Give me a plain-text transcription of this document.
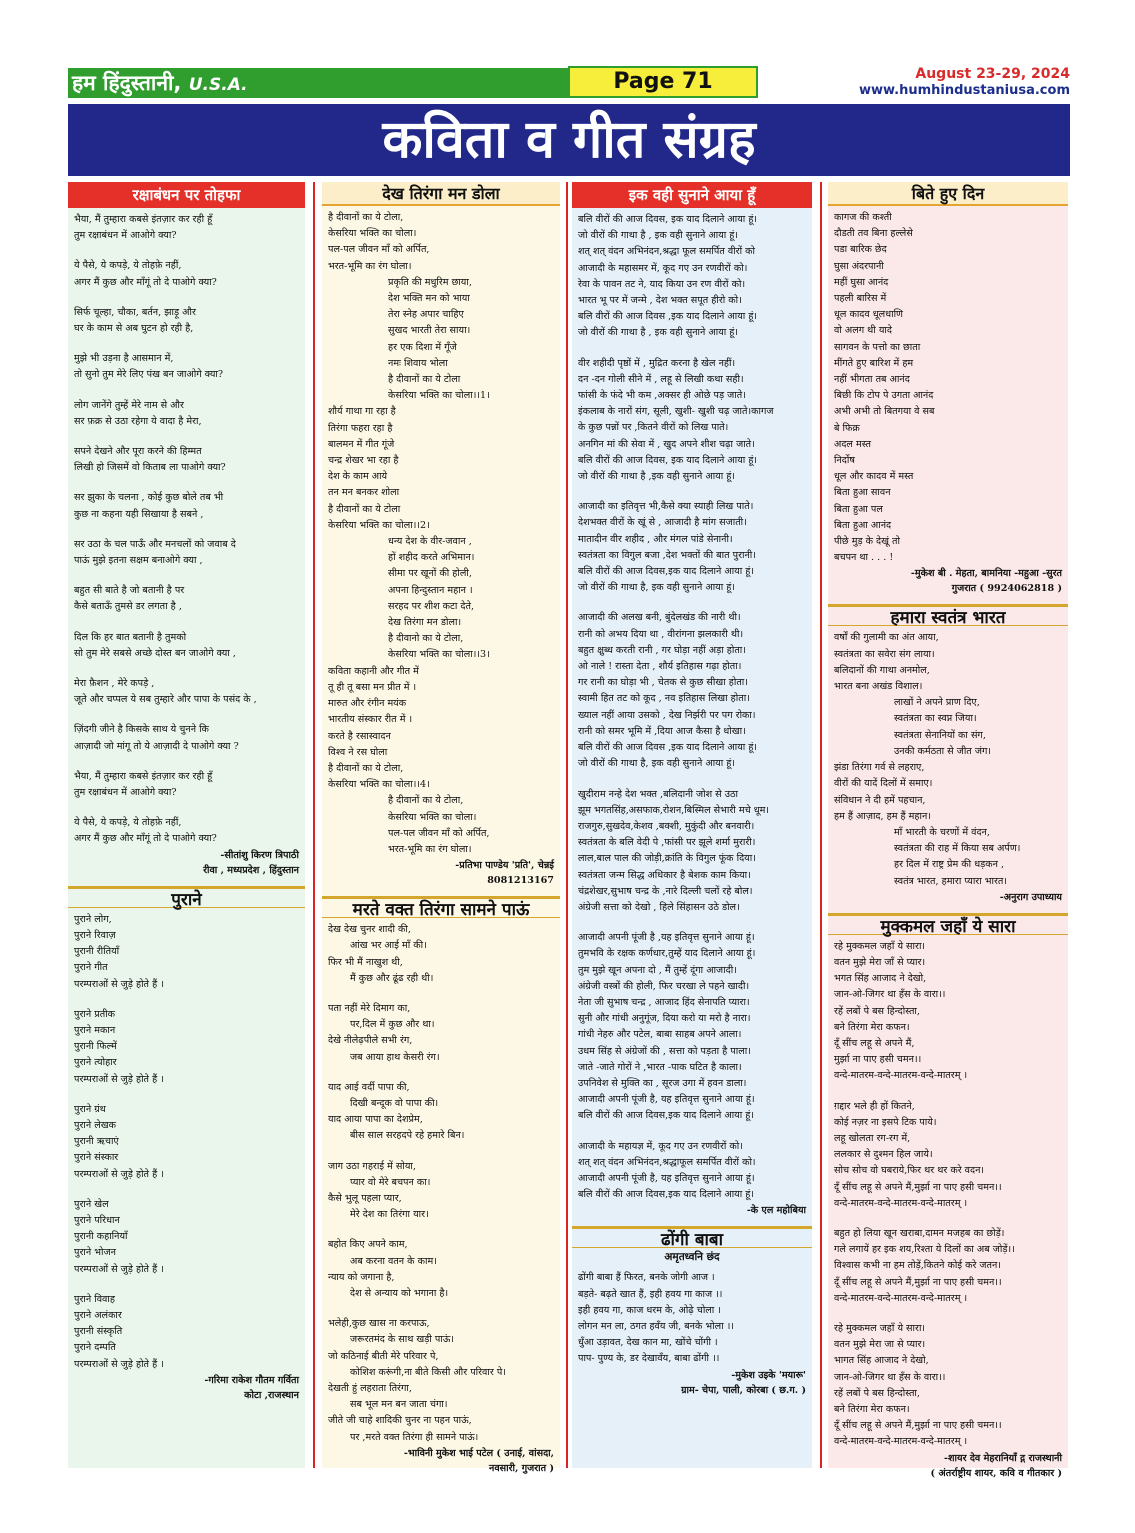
हम हिंदुस्तानी, U.S.A.	Page 71	August 23-29, 2024
www.humhindustaniusa.com
कविता व गीत संग्रह
रक्षाबंधन पर तोहफा
भैया, मैं तुम्हारा कबसे इंतज़ार कर रही हूँ
तुम रक्षाबंधन में आओगे क्या?
ये पैसे, ये कपड़े, ये तोहफ़े नहीं,
अगर मैं कुछ और माँगूं तो दे पाओगे क्या?
सिर्फ चूल्हा, चौका, बर्तन, झाड़ू और
घर के काम से अब घुटन हो रही है,
मुझे भी उड़ना है आसमान में,
तो सुनो तुम मेरे लिए पंख बन जाओगे क्या?
लोग जानेंगे तुम्हें मेरे नाम से और
सर फ़क्र से उठा रहेगा ये वादा है मेरा,
सपने देखने और पूरा करने की हिम्मत
लिखी हो जिसमें वो किताब ला पाओगे क्या?
सर झुका के चलना , कोई कुछ बोले तब भी
कुछ ना कहना यही सिखाया है सबने ,
सर उठा के चल पाऊँ और मनचलों को जवाब दे
पाऊं मुझे इतना सक्षम बनाओगे क्या ,
बहुत सी बाते है जो बतानी है पर
कैसे बताऊँ तुमसे डर लगता है ,
दिल कि हर बात बतानी है तुमको
सो तुम मेरे सबसे अच्छे दोस्त बन जाओगे क्या ,
मेरा फ़ैशन , मेरे कपड़े ,
जूते और चप्पल ये सब तुम्हारे और पापा के पसंद के ,
ज़िंदगी जीने है किसके साथ ये चुनने कि
आज़ादी जो मांगू तो ये आज़ादी दे पाओगे क्या ?
भैया, मैं तुम्हारा कबसे इंतज़ार कर रही हूँ
तुम रक्षाबंधन में आओगे क्या?
ये पैसे, ये कपड़े, ये तोहफ़े नहीं,
अगर मैं कुछ और माँगूं तो दे पाओगे क्या?
-सीतांशु किरण त्रिपाठी
रीवा , मध्यप्रदेश , हिंदुस्तान
पुराने
पुराने लोग,
पुराने रिवाज़
पुरानी रीतियाँ
पुराने गीत
परम्पराओं से जुड़े होते हैं ।
पुराने प्रतीक
पुराने मकान
पुरानी फिल्में
पुराने त्योहार
परम्पराओं से जुड़े होते हैं ।
पुराने ग्रंथ
पुराने लेखक
पुरानी ऋचाएं
पुराने संस्कार
परम्पराओं से जुड़े होते हैं ।
पुराने खेल
पुराने परिधान
पुरानी कहानियाँ
पुराने भोजन
परम्पराओं से जुड़े होते हैं ।
पुराने विवाह
पुराने अलंकार
पुरानी संस्कृति
पुराने दम्पति
परम्पराओं से जुड़े होते हैं ।
-गरिमा राकेश गौतम गर्विता
कोटा ,राजस्थान
देख तिरंगा मन डोला
है दीवानों का ये टोला,
केसरिया भक्ति का चोला।
पल-पल जीवन माँ को अर्पित,
भरत-भूमि का रंग घोला।
प्रकृति की मधुरिम छाया,
देश भक्ति मन को भाया
तेरा स्नेह अपार चाहिए
सुखद भारती तेरा साया।
हर एक दिशा में गूँजे
नमः शिवाय भोला
है दीवानों का ये टोला
केसरिया भक्ति का चोला।।1।
शौर्य गाथा गा रहा है
तिरंगा फहरा रहा है
बालमन में गीत गूंजे
चन्द्र शेखर भा रहा है
देश के काम आये
तन मन बनकर शोला
है दीवानों का ये टोला
केसरिया भक्ति का चोला।।2।
धन्य देश के वीर-जवान ,
हों शहीद करते अभिमान।
सीमा पर खूनों की होली,
अपना हिन्दुस्तान महान ।
सरहद पर शीश कटा देते,
देख तिरंगा मन डोला।
है दीवानो का ये टोला,
केसरिया भक्ति का चोला।।3।
कविता कहानी और गीत में
तू ही तू बसा मन प्रीत में ।
मारुत और रंगीन मयंक
भारतीय संस्कार रीत में ।
करते है रसास्वादन
विश्व ने रस घोला
है दीवानों का ये टोला,
केसरिया भक्ति का चोला।।4।
है दीवानों का ये टोला,
केसरिया भक्ति का चोला।
पल-पल जीवन माँ को अर्पित,
भरत-भूमि का रंग घोला।
-प्रतिभा पाण्डेय 'प्रति', चेन्नई
8081213167
मरते वक्त तिरंगा सामने पाऊं
देख देख चुनर शादी की,
आंख भर आई माँ की।
फिर भी मैं नाखुश थी,
मैं कुछ और ढूंढ रही थी।
पता नहीं मेरे दिमाग का,
पर,दिल में कुछ और था।
देखे नीलेढ़पीले सभी रंग,
जब आया हाथ केसरी रंग।
याद आई वर्दी पापा की,
दिखी बन्दूक वो पापा की।
याद आया पापा का देशप्रेम,
बीस साल सरहदपे रहे हमारे बिन।
जाग उठा गहराई में सोया,
प्यार वो मेरे बचपन का।
कैसे भुलू पहला प्यार,
मेरे देश का तिरंगा यार।
बहोत किए अपने काम,
अब करना वतन के काम।
न्याय को जगाना है,
देश से अन्याय को भगाना है।
भलेही,कुछ खास ना करपाऊ,
जरूरतमंद के साथ खड़ी पाऊं।
जो कठिनाई बीती मेरे परिवार पे,
कोशिश करूंगी,ना बीते किसी और परिवार पे।
देखती हुं लहराता तिरंगा,
सब भूल मन बन जाता चंगा।
जीते जी चाहे शादिकी चुनर ना पहन पाऊं,
पर ,मरते वक्त तिरंगा ही सामने पाऊं।
-भाविनी मुकेश भाई पटेल ( उनाई, वांसदा,
नवसारी, गुजरात )
इक वही सुनाने आया हूँ
बलि वीरों की आज दिवस, इक याद दिलाने आया हूं।
जो वीरों की गाथा है , इक वही सुनाने आया हूं।
शत् शत् वंदन अभिनंदन,श्रद्धा फूल समर्पित वीरों को
आजादी के महासमर में, कूद गए उन रणवीरों को।
रेवा के पावन तट ने, याद किया उन रण वीरों को।
भारत भू पर में जन्मे , देश भक्त सपूत हीरो को।
बलि वीरों की आज दिवस ,इक याद दिलाने आया हूं।
जो वीरों की गाथा है , इक वही सुनाने आया हूं।
वीर शहीदी पृष्ठों में , मुद्रित करना है खेल नहीं।
दन -दन गोली सीने में , लहू से लिखी कथा सही।
फांसी के फंदे भी कम ,अक्सर ही ओछे पड़ जाते।
इंकलाब के नारों संग, सूली, खुशी- खुशी चढ़ जाते।कागज
के कुछ पन्नों पर ,कितने वीरों को लिख पाते।
अनगिन मां की सेवा में , खुद अपने शीश चढ़ा जाते।
बलि वीरों की आज दिवस, इक याद दिलाने आया हूं।
जो वीरों की गाथा है ,इक वही सुनाने आया हूं।
आजादी का इतिवृत्त भी,कैसे क्या स्याही लिख पाते।
देशभक्त वीरों के खूं से , आजादी है मांग सजाती।
मातादीन वीर शहीद , और मंगल पांडे सेनानी।
स्वतंत्रता का विगुल बजा ,देश भक्तों की बात पुरानी।
बलि वीरों की आज दिवस,इक याद दिलाने आया हूं।
जो वीरों की गाथा है, इक वही सुनाने आया हूं।
आजादी की अलख बनी, बुंदेलखंड की नारी थी।
रानी को अभय दिया था , वीरांगना झलकारी थी।
बहुत क्षुब्ध करती रानी , गर घोड़ा नहीं अड़ा होता।
ओ नाले ! रास्ता देता , शौर्य इतिहास गढ़ा होता।
गर रानी का घोड़ा भी , चेतक से कुछ सीखा होता।
स्वामी हित तट को कूद , नव इतिहास लिखा होता।
ख्याल नहीं आया उसको , देख निर्झरी पर पग रोका।
रानी को समर भूमि में ,दिया आज कैसा है धोखा।
बलि वीरों की आज दिवस ,इक याद दिलाने आया हूं।
जो वीरों की गाथा है, इक वही सुनाने आया हूं।
खुदीराम नन्हे देश भक्त ,बलिदानी जोश से उठा
झूम भगतसिंह,असफाक,रोशन,बिस्मिल सेभारी मचे धूम।
राजगुरु,सुखदेव,केशव ,बक्शी, मुकुंदी और बनवारी।
स्वतंत्रता के बलि वेदी पे ,फांसी पर झूले शर्मा मुरारी।
लाल,बाल पाल की जोड़ी,क्रांति के विगुल फूंक दिया।
स्वतंत्रता जन्म सिद्ध अधिकार है बेशक काम किया।
चंद्रशेखर,सुभाष चन्द्र के ,नारे दिल्ली चलों रहे बोल।
अंग्रेजी सत्ता को देखो , हिले सिंहासन उठे डोल।
आजादी अपनी पूंजी है ,यह इतिवृत्त सुनाने आया हूं।
तुमभवि के रक्षक कर्णधार,तुम्हें याद दिलाने आया हूं।
तुम मुझे खून अपना दो , मैं तुम्हें दूंगा आजादी।
अंग्रेजी वस्त्रों की होली, फिर चरखा ले पहने खादी।
नेता जी सुभाष चन्द्र , आजाद हिंद सेनापति प्यारा।
सुनी और गांधी अनुगूंज, दिया करो या मरो है नारा।
गांधी नेहरु और पटेल, बाबा साहब अपने आला।
उधम सिंह से अंग्रेजों की , सत्ता को पड़ता है पाला।
जाते -जाते गोरों ने ,भारत -पाक घटित है काला।
उपनिवेश से मुक्ति का , सूरज उगा में हवन डाला।
आजादी अपनी पूंजी है, यह इतिवृत्त सुनाने आया हूं।
बलि वीरों की आज दिवस,इक याद दिलाने आया हूं।
आजादी के महायज्ञ में, कूद गए उन रणवीरों को।
शत् शत् वंदन अभिनंदन,श्रद्धाफूल समर्पित वीरों को।
आजादी अपनी पूंजी है, यह इतिवृत्त सुनाने आया हूं।
बलि वीरों की आज दिवस,इक याद दिलाने आया हूं।
-के एल महोबिया
ढोंगी बाबा
अमृतध्वनि छंद
ढोंगी बाबा हैं फिरत, बनके जोगी आज ।
बड़ते- बढ़ते खात हैं, इही हवय गा काज ।।
इही हवय गा, काज धरम के, ओढ़े चोला ।
लोगन मन ला, ठगत हवँय जी, बनके भोला ।।
धुँआ उड़ावत, देख कान मा, खोंचे चोंगी ।
पाप- पुण्य के, डर देखावँय, बाबा ढोंगी ।।
-मुकेश उइके 'मयारू'
ग्राम- चेपा, पाली, कोरबा ( छ.ग. )
बिते हुए दिन
कागज की कश्ती
दौडती तव बिना हल्लेसे
पडा बारिक छेद
घुसा अंदरपानी
महीं घुसा आनंद
पहली बारिस में
धूल कादव धूलधाणि
वो अलग थी यादे
सागवन के पत्तो का छाता
मींगते हुए बारिश में हम
नहीं भीगता तब आनंद
बिछी कि टोप पे उगता आनंद
अभी अभी तो बितगया वे सब
बे फिक्र
अदल मस्त
निर्दोष
धूल और कादव में मस्त
बिता हुआ सावन
बिता हुआ पल
बिता हुआ आनंद
पीछे मुड़ के देखूं तो
बचपन था . . . !
-मुकेश बी . मेहता, बामनिया -महुआ -सुरत
गुजरात ( 9924062818 )
हमारा स्वतंत्र भारत
वर्षों की गुलामी का अंत आया,
स्वतंत्रता का सवेरा संग लाया।
बलिदानों की गाथा अनमोल,
भारत बना अखंड विशाल।
लाखों ने अपने प्राण दिए,
स्वतंत्रता का स्वप्न जिया।
स्वतंत्रता सेनानियों का संग,
उनकी कर्मठता से जीत जंग।
झंडा तिरंगा गर्व से लहराए,
वीरों की यादें दिलों में समाए।
संविधान ने दी हमें पहचान,
हम हैं आज़ाद, हम हैं महान।
माँ भारती के चरणों में वंदन,
स्वतंत्रता की राह में किया सब अर्पण।
हर दिल में राष्ट्र प्रेम की धड़कन ,
स्वतंत्र भारत, हमारा प्यारा भारत।
-अनुराग उपाध्याय
मुक्कमल जहाँ ये सारा
रहे मुक्कमल जहाँ ये सारा।
वतन मुझे मेरा जाँ से प्यार।
भगत सिंह आजाद ने देखो,
जान-ओ-जिगर था हँस के वारा।।
रहें लबों पे बस हिन्दोस्ता,
बने तिरंगा मेरा कफन।
दूँ सींच लहू से अपने मैं,
मुर्झा ना पाए हसी चमन।।
वन्दे-मातरम-वन्दे-मातरम-वन्दे-मातरम् ।
ग़द्दार भले ही हों कितने,
कोई नज़र ना इसपे टिक पाये।
लहू खोलता रग-रग में,
ललकार से दुश्मन हिल जाये।
सोच सोच वो घबराये,फिर थर थर करे वदन।
दूँ सींच लहू से अपने मैं,मुर्झा ना पाए हसी चमन।।
वन्दे-मातरम-वन्दे-मातरम-वन्दे-मातरम् ।
बहुत हो लिया खून खराबा,दामन मजहब का छोड़ें।
गले लगायें हर इक शय,रिश्ता ये दिलों का अब जोड़ें।।
विश्वास कभी ना हम तोड़ें,कितने कोई करे जतन।
दूँ सींच लहू से अपने मैं,मुर्झा ना पाए हसी चमन।।
वन्दे-मातरम-वन्दे-मातरम-वन्दे-मातरम् ।
रहे मुक्कमल जहाँ ये सारा।
वतन मुझे मेरा जा से प्यार।
भागत सिंह आजाद ने देखो,
जान-ओ-जिगर था हँस के वारा।।
रहें लबों पे बस हिन्दोस्ता,
बने तिरंगा मेरा कफन।
दूँ सींच लहू से अपने मैं,मुर्झा ना पाए हसी चमन।।
वन्दे-मातरम-वन्दे-मातरम-वन्दे-मातरम् ।
-शायर देव मेहरानियाँ द्ग राजस्थानी
( अंतर्राष्ट्रीय शायर, कवि व गीतकार )
